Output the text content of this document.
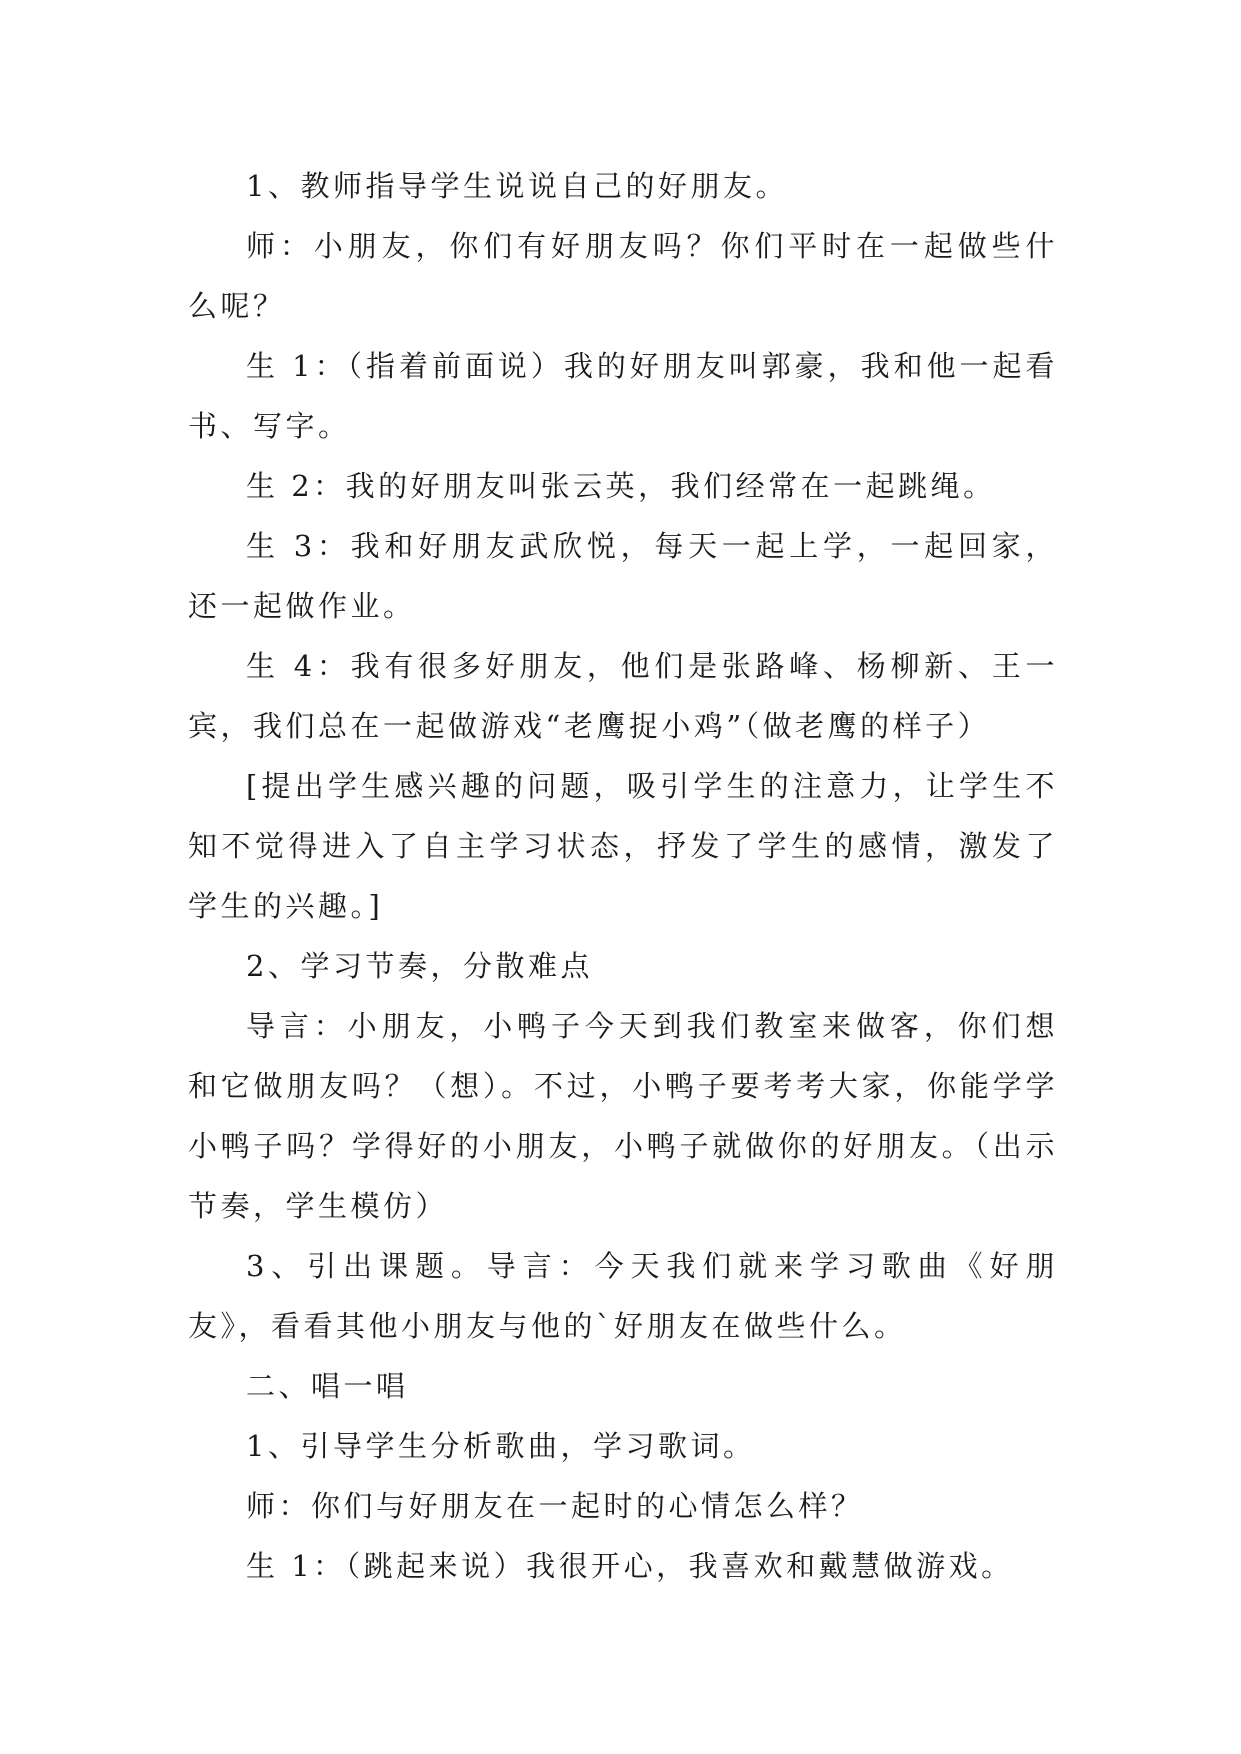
1、教师指导学生说说自己的好朋友。

师：小朋友，你们有好朋友吗？你们平时在一起做些什么呢？

生 1：（指着前面说）我的好朋友叫郭豪，我和他一起看书、写字。

生 2：我的好朋友叫张云英，我们经常在一起跳绳。

生 3：我和好朋友武欣悦，每天一起上学，一起回家，还一起做作业。

生 4：我有很多好朋友，他们是张路峰、杨柳新、王一宾，我们总在一起做游戏“老鹰捉小鸡”（做老鹰的样子）

[提出学生感兴趣的问题，吸引学生的注意力，让学生不知不觉得进入了自主学习状态，抒发了学生的感情，激发了学生的兴趣。]

2、学习节奏，分散难点

导言：小朋友，小鸭子今天到我们教室来做客，你们想和它做朋友吗？（想）。不过，小鸭子要考考大家，你能学学小鸭子吗？学得好的小朋友，小鸭子就做你的好朋友。（出示节奏，学生模仿）

3、引出课题。导言：今天我们就来学习歌曲《好朋友》，看看其他小朋友与他的`好朋友在做些什么。

二、唱一唱

1、引导学生分析歌曲，学习歌词。

师：你们与好朋友在一起时的心情怎么样？

生 1：（跳起来说）我很开心，我喜欢和戴慧做游戏。
